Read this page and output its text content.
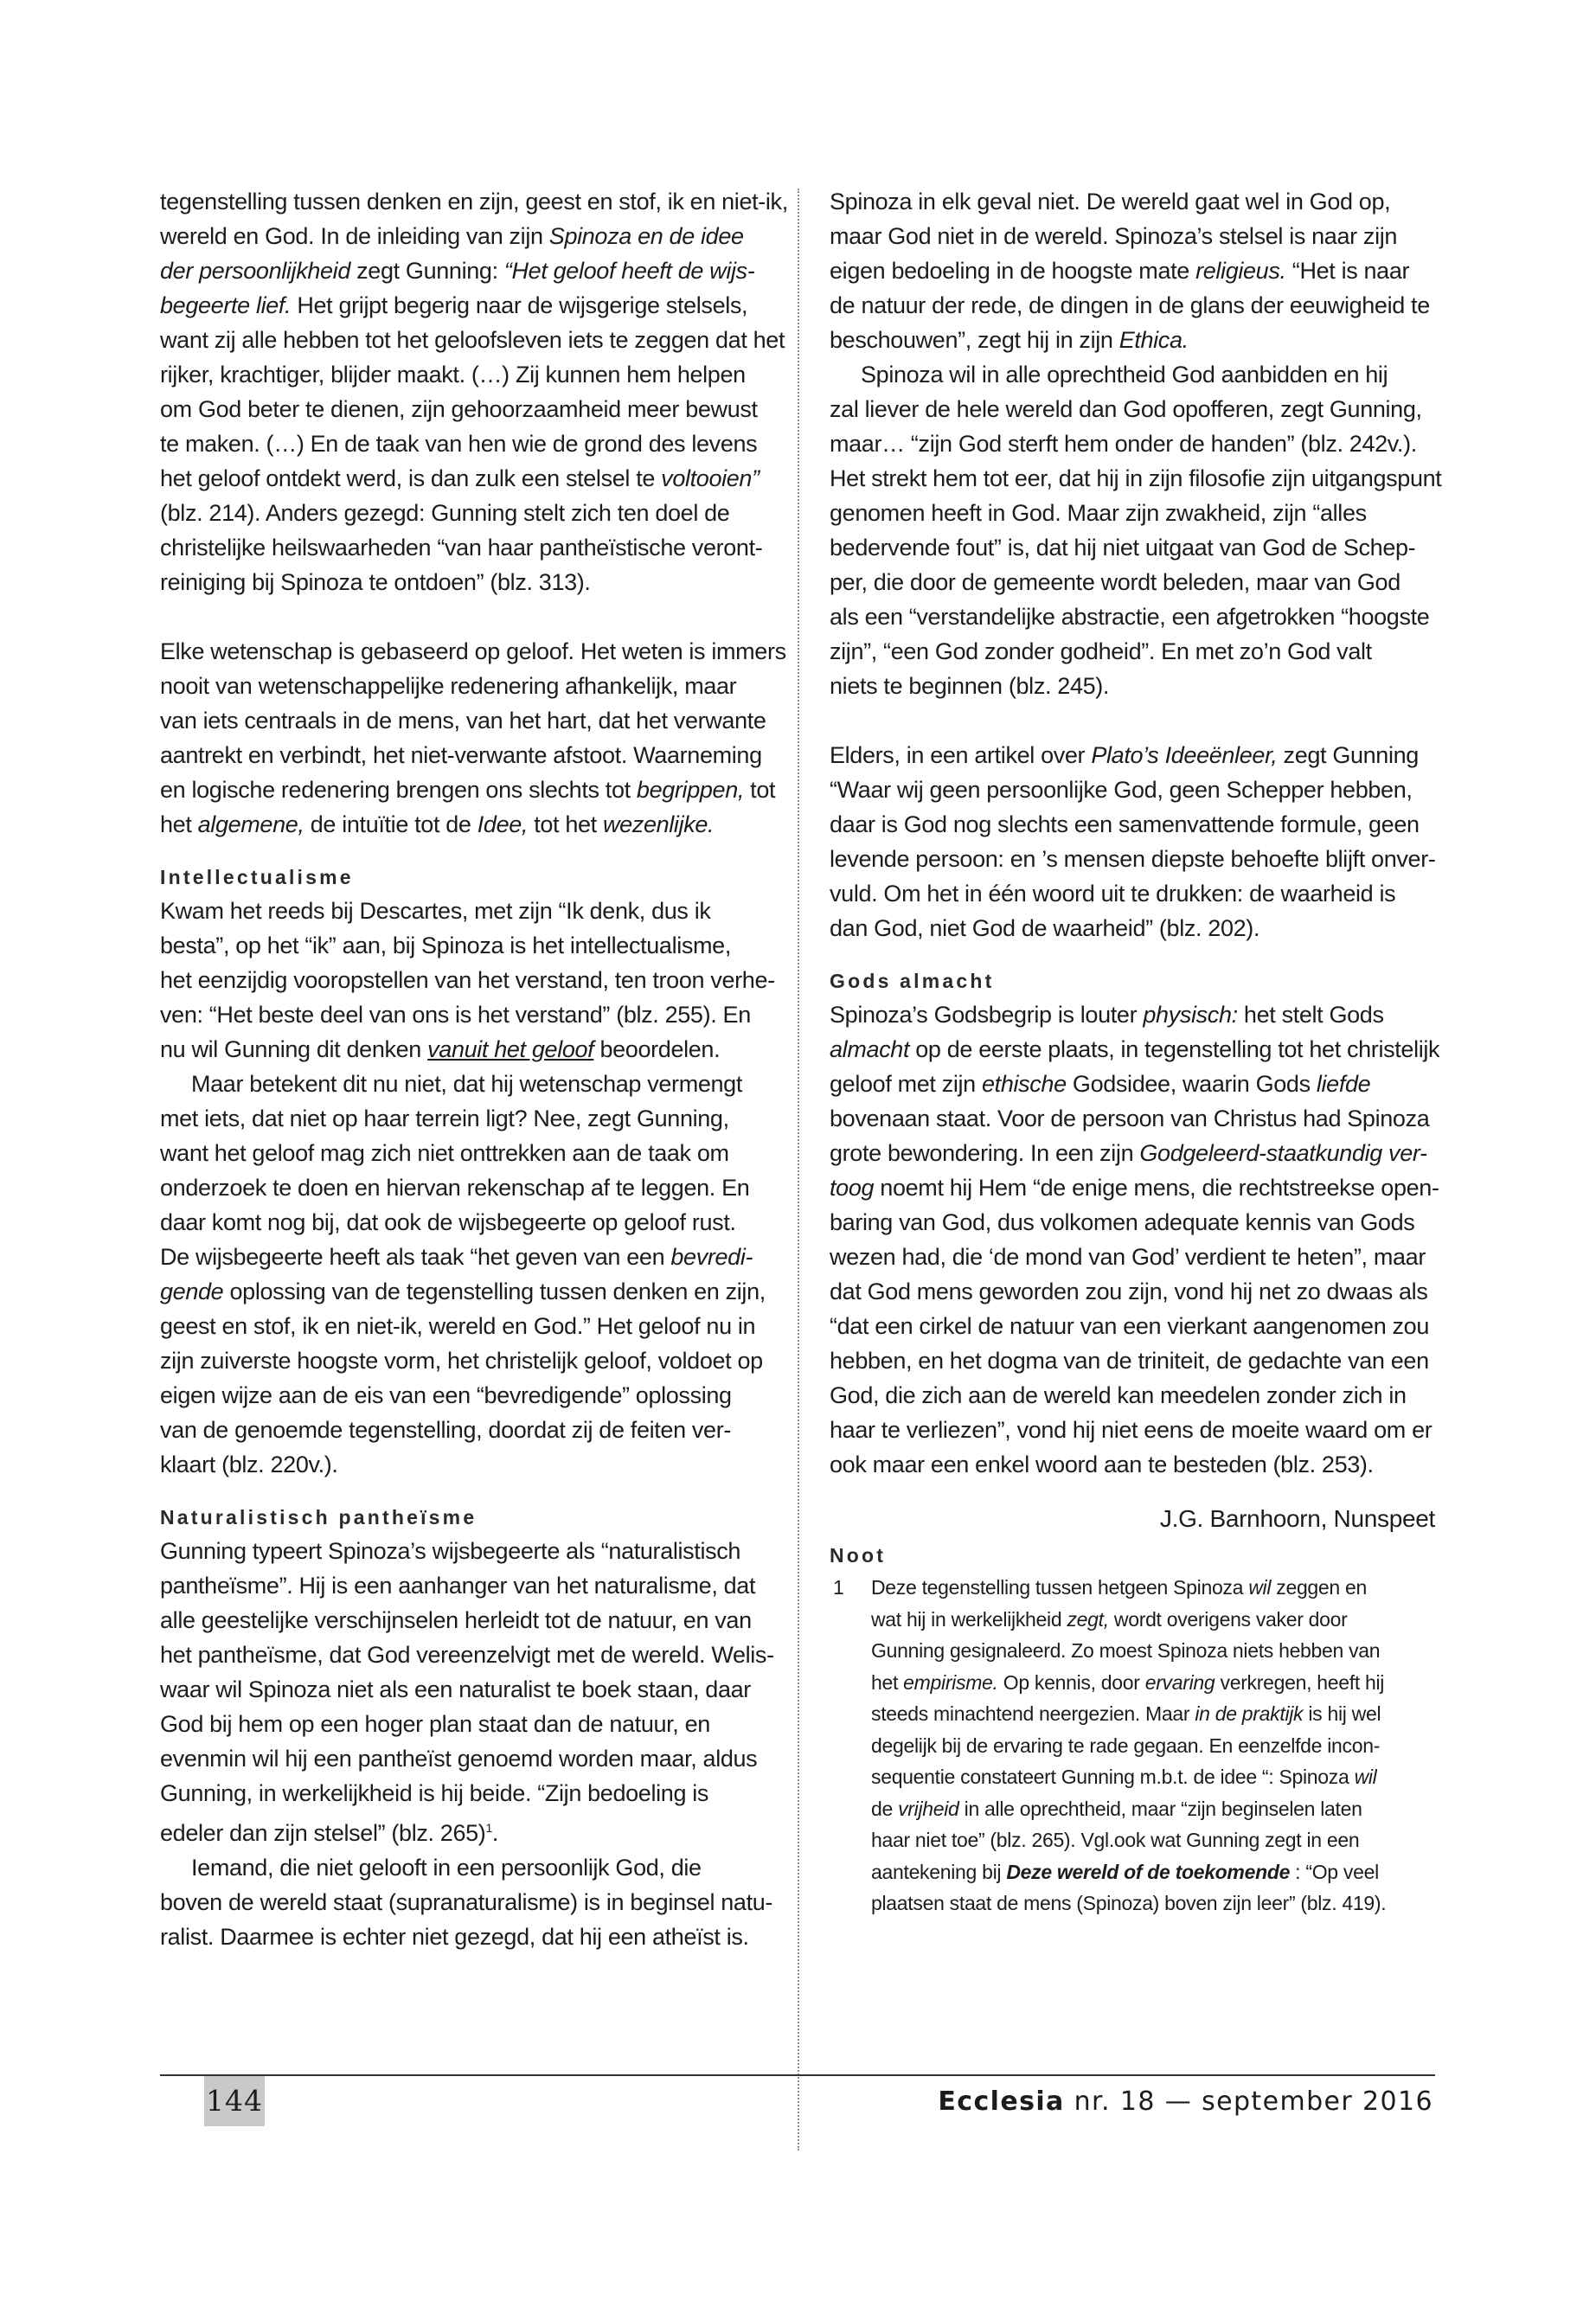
tegenstelling tussen denken en zijn, geest en stof, ik en niet-ik,
wereld en God. In de inleiding van zijn Spinoza en de idee
der persoonlijkheid zegt Gunning: “Het geloof heeft de wijs-
begeerte lief. Het grijpt begerig naar de wijsgerige stelsels,
want zij alle hebben tot het geloofsleven iets te zeggen dat het
rijker, krachtiger, blijder maakt. (…) Zij kunnen hem helpen
om God beter te dienen, zijn gehoorzaamheid meer bewust
te maken. (…) En de taak van hen wie de grond des levens
het geloof ontdekt werd, is dan zulk een stelsel te voltooien”
(blz. 214). Anders gezegd: Gunning stelt zich ten doel de
christelijke heilswaarheden “van haar pantheïstische veront-
reiniging bij Spinoza te ontdoen” (blz. 313).
Elke wetenschap is gebaseerd op geloof. Het weten is immers
nooit van wetenschappelijke redenering afhankelijk, maar
van iets centraals in de mens, van het hart, dat het verwante
aantrekt en verbindt, het niet-verwante afstoot. Waarneming
en logische redenering brengen ons slechts tot begrippen, tot
het algemene, de intuïtie tot de Idee, tot het wezenlijke.
Intellectualisme
Kwam het reeds bij Descartes, met zijn “Ik denk, dus ik
besta”, op het “ik” aan, bij Spinoza is het intellectualisme,
het eenzijdig vooropstellen van het verstand, ten troon verhe-
ven: “Het beste deel van ons is het verstand” (blz. 255). En
nu wil Gunning dit denken vanuit het geloof beoordelen.
Maar betekent dit nu niet, dat hij wetenschap vermengt
met iets, dat niet op haar terrein ligt? Nee, zegt Gunning,
want het geloof mag zich niet onttrekken aan de taak om
onderzoek te doen en hiervan rekenschap af te leggen. En
daar komt nog bij, dat ook de wijsbegeerte op geloof rust.
De wijsbegeerte heeft als taak “het geven van een bevredi-
gende oplossing van de tegenstelling tussen denken en zijn,
geest en stof, ik en niet-ik, wereld en God.” Het geloof nu in
zijn zuiverste hoogste vorm, het christelijk geloof, voldoet op
eigen wijze aan de eis van een “bevredigende” oplossing
van de genoemde tegenstelling, doordat zij de feiten ver-
klaart (blz. 220v.).
Naturalistisch pantheïsme
Gunning typeert Spinoza’s wijsbegeerte als “naturalistisch
pantheïsme”. Hij is een aanhanger van het naturalisme, dat
alle geestelijke verschijnselen herleidt tot de natuur, en van
het pantheïsme, dat God vereenzelvigt met de wereld. Welis-
waar wil Spinoza niet als een naturalist te boek staan, daar
God bij hem op een hoger plan staat dan de natuur, en
evenmin wil hij een pantheïst genoemd worden maar, aldus
Gunning, in werkelijkheid is hij beide. “Zijn bedoeling is
edeler dan zijn stelsel” (blz. 265)$^1$.
Iemand, die niet gelooft in een persoonlijk God, die
boven de wereld staat (supranaturalisme) is in beginsel natu-
ralist. Daarmee is echter niet gezegd, dat hij een atheïst is.
Spinoza in elk geval niet. De wereld gaat wel in God op,
maar God niet in de wereld. Spinoza’s stelsel is naar zijn
eigen bedoeling in de hoogste mate religieus. “Het is naar
de natuur der rede, de dingen in de glans der eeuwigheid te
beschouwen”, zegt hij in zijn Ethica.
Spinoza wil in alle oprechtheid God aanbidden en hij
zal liever de hele wereld dan God opofferen, zegt Gunning,
maar… “zijn God sterft hem onder de handen” (blz. 242v.).
Het strekt hem tot eer, dat hij in zijn filosofie zijn uitgangspunt
genomen heeft in God. Maar zijn zwakheid, zijn “alles
bedervende fout” is, dat hij niet uitgaat van God de Schep-
per, die door de gemeente wordt beleden, maar van God
als een “verstandelijke abstractie, een afgetrokken “hoogste
zijn”, “een God zonder godheid”. En met zo’n God valt
niets te beginnen (blz. 245).
Elders, in een artikel over Plato’s Ideeënleer, zegt Gunning
“Waar wij geen persoonlijke God, geen Schepper hebben,
daar is God nog slechts een samenvattende formule, geen
levende persoon: en ’s mensen diepste behoefte blijft onver-
vuld. Om het in één woord uit te drukken: de waarheid is
dan God, niet God de waarheid” (blz. 202).
Gods almacht
Spinoza’s Godsbegrip is louter physisch: het stelt Gods
almacht op de eerste plaats, in tegenstelling tot het christelijk
geloof met zijn ethische Godsidee, waarin Gods liefde
bovenaan staat. Voor de persoon van Christus had Spinoza
grote bewondering. In een zijn Godgeleerd-staatkundig ver-
toog noemt hij Hem “de enige mens, die rechtstreekse open-
baring van God, dus volkomen adequate kennis van Gods
wezen had, die ‘de mond van God’ verdient te heten”, maar
dat God mens geworden zou zijn, vond hij net zo dwaas als
“dat een cirkel de natuur van een vierkant aangenomen zou
hebben, en het dogma van de triniteit, de gedachte van een
God, die zich aan de wereld kan meedelen zonder zich in
haar te verliezen”, vond hij niet eens de moeite waard om er
ook maar een enkel woord aan te besteden (blz. 253).
J.G. Barnhoorn, Nunspeet
Noot
1	Deze tegenstelling tussen hetgeen Spinoza wil zeggen en
wat hij in werkelijkheid zegt, wordt overigens vaker door
Gunning gesignaleerd. Zo moest Spinoza niets hebben van
het empirisme. Op kennis, door ervaring verkregen, heeft hij
steeds minachtend neergezien. Maar in de praktijk is hij wel
degelijk bij de ervaring te rade gegaan. En eenzelfde incon-
sequentie constateert Gunning m.b.t. de idee “: Spinoza wil
de vrijheid in alle oprechtheid, maar “zijn beginselen laten
haar niet toe” (blz. 265). Vgl.ook wat Gunning zegt in een
aantekening bij Deze wereld of de toekomende : “Op veel
plaatsen staat de mens (Spinoza) boven zijn leer” (blz. 419).
144	Ecclesia nr. 18 — september 2016
